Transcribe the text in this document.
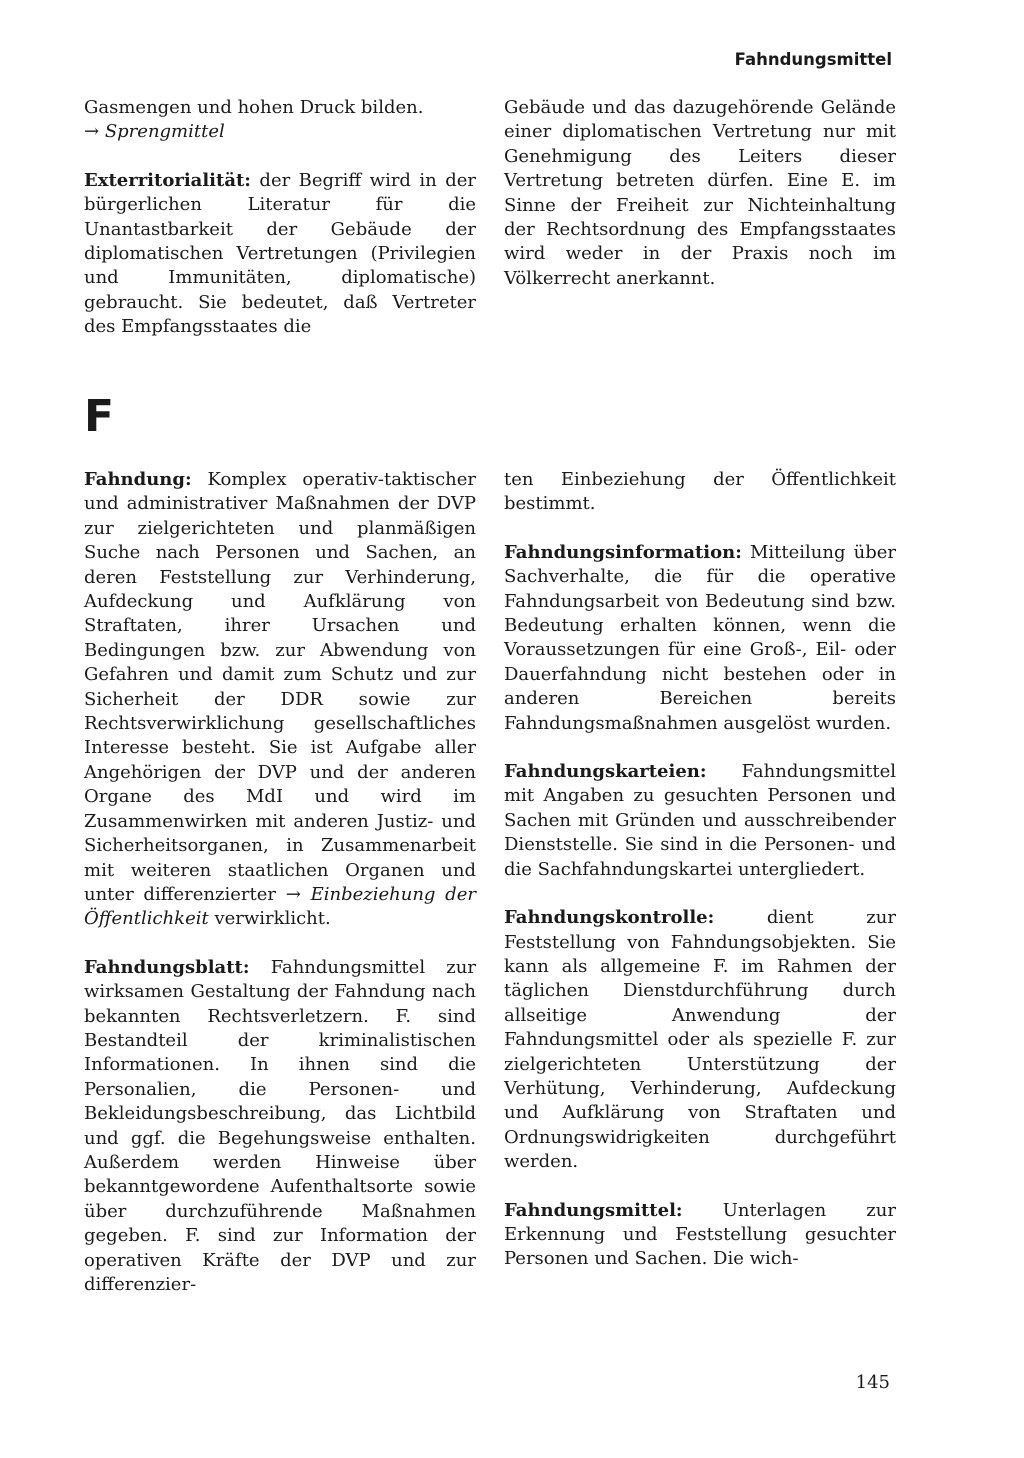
Fahndungsmittel

Gasmengen und hohen Druck bilden.
→ Sprengmittel

Exterritorialität: der Begriff wird in der bürgerlichen Literatur für die Unantastbarkeit der Gebäude der diplomatischen Vertretungen (Privilegien und Immunitäten, diplomatische) gebraucht. Sie bedeutet, daß Vertreter des Empfangsstaates die

Gebäude und das dazugehörende Gelände einer diplomatischen Vertretung nur mit Genehmigung des Leiters dieser Vertretung betreten dürfen. Eine E. im Sinne der Freiheit zur Nichteinhaltung der Rechtsordnung des Empfangsstaates wird weder in der Praxis noch im Völkerrecht anerkannt.

F

Fahndung: Komplex operativ-taktischer und administrativer Maßnahmen der DVP zur zielgerichteten und planmäßigen Suche nach Personen und Sachen, an deren Feststellung zur Verhinderung, Aufdeckung und Aufklärung von Straftaten, ihrer Ursachen und Bedingungen bzw. zur Abwendung von Gefahren und damit zum Schutz und zur Sicherheit der DDR sowie zur Rechtsverwirklichung gesellschaftliches Interesse besteht. Sie ist Aufgabe aller Angehörigen der DVP und der anderen Organe des MdI und wird im Zusammenwirken mit anderen Justiz- und Sicherheitsorganen, in Zusammenarbeit mit weiteren staatlichen Organen und unter differenzierter → Einbeziehung der Öffentlichkeit verwirklicht.

Fahndungsblatt: Fahndungsmittel zur wirksamen Gestaltung der Fahndung nach bekannten Rechtsverletzern. F. sind Bestandteil der kriminalistischen Informationen. In ihnen sind die Personalien, die Personen- und Bekleidungsbeschreibung, das Lichtbild und ggf. die Begehungsweise enthalten. Außerdem werden Hinweise über bekanntgewordene Aufenthaltsorte sowie über durchzuführende Maßnahmen gegeben. F. sind zur Information der operativen Kräfte der DVP und zur differenzier-

ten Einbeziehung der Öffentlichkeit bestimmt.

Fahndungsinformation: Mitteilung über Sachverhalte, die für die operative Fahndungsarbeit von Bedeutung sind bzw. Bedeutung erhalten können, wenn die Voraussetzungen für eine Groß-, Eil- oder Dauerfahndung nicht bestehen oder in anderen Bereichen bereits Fahndungsmaßnahmen ausgelöst wurden.

Fahndungskarteien: Fahndungsmittel mit Angaben zu gesuchten Personen und Sachen mit Gründen und ausschreibender Dienststelle. Sie sind in die Personen- und die Sachfahndungskartei untergliedert.

Fahndungskontrolle:	dient zur Feststellung von Fahndungsobjekten. Sie kann als allgemeine F. im Rahmen der täglichen Dienstdurchführung durch allseitige Anwendung der Fahndungsmittel oder als spezielle F. zur zielgerichteten Unterstützung der Verhütung, Verhinderung, Aufdeckung und Aufklärung von Straftaten und Ordnungswidrigkeiten durchgeführt werden.

Fahndungsmittel: Unterlagen zur Erkennung und Feststellung gesuchter Personen und Sachen. Die wich-

145
